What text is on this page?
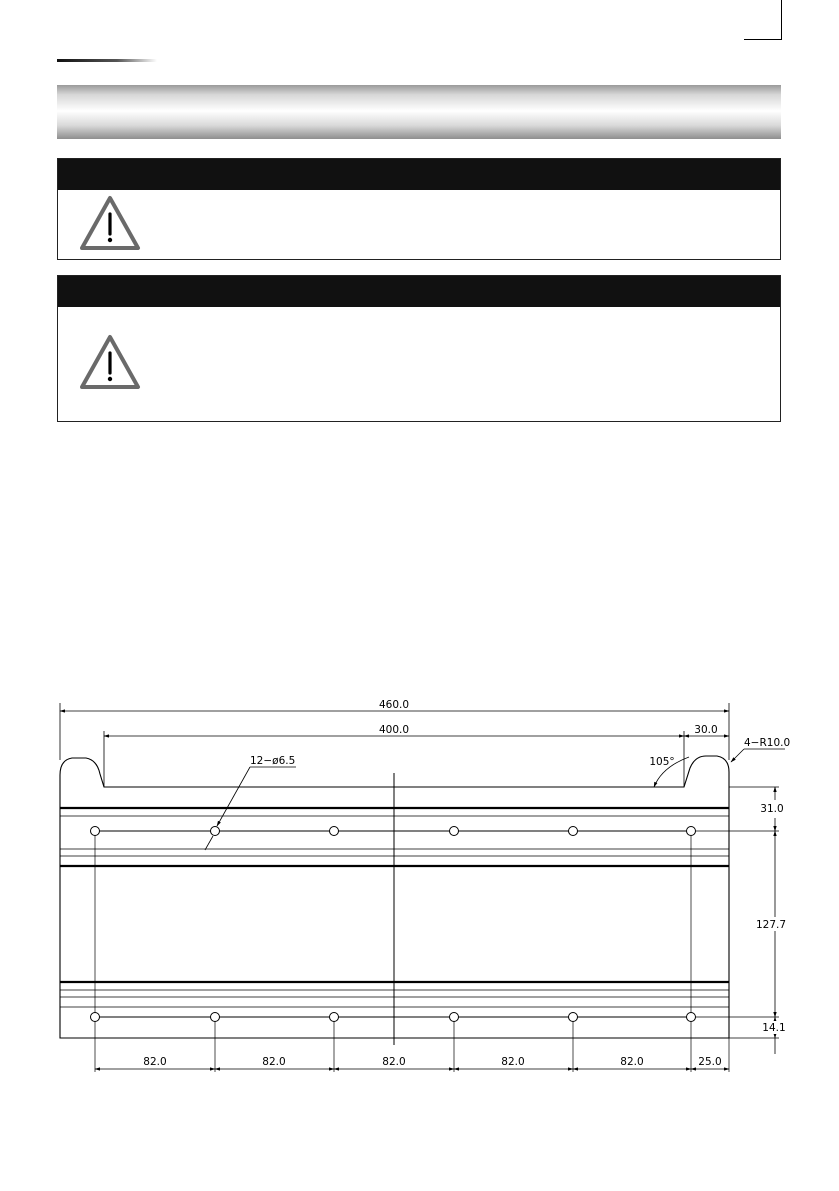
460.0
400.0	30.0
4−R10.0
105°
12−ø6.5
31.0
127.7
14.1
82.0	82.0	82.0	82.0	82.0	25.0
